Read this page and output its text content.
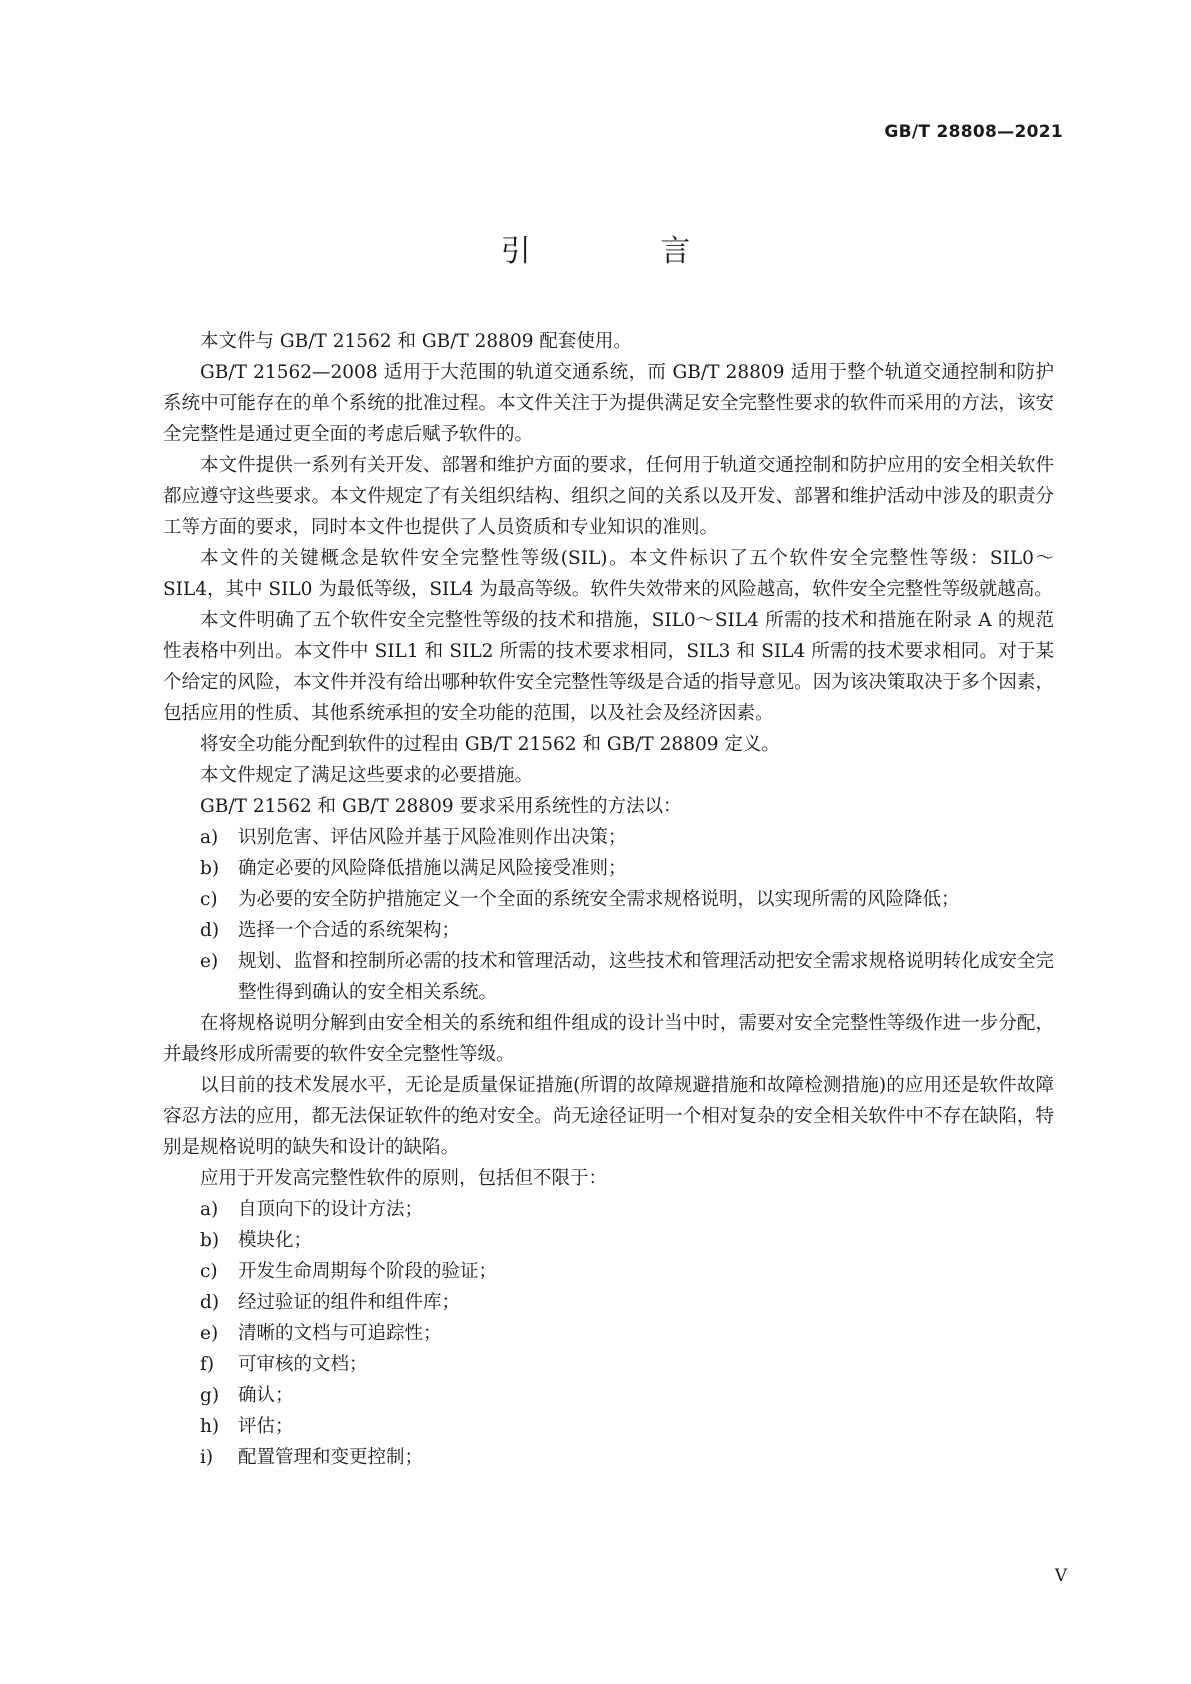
GB/T 28808—2021
引 言

本文件与 GB/T 21562 和 GB/T 28809 配套使用。

GB/T 21562—2008 适用于大范围的轨道交通系统，而 GB/T 28809 适用于整个轨道交通控制和防护系统中可能存在的单个系统的批准过程。本文件关注于为提供满足安全完整性要求的软件而采用的方法，该安全完整性是通过更全面的考虑后赋予软件的。

本文件提供一系列有关开发、部署和维护方面的要求，任何用于轨道交通控制和防护应用的安全相关软件都应遵守这些要求。本文件规定了有关组织结构、组织之间的关系以及开发、部署和维护活动中涉及的职责分工等方面的要求，同时本文件也提供了人员资质和专业知识的准则。

本文件的关键概念是软件安全完整性等级(SIL)。本文件标识了五个软件安全完整性等级：SIL0～SIL4，其中 SIL0 为最低等级，SIL4 为最高等级。软件失效带来的风险越高，软件安全完整性等级就越高。

本文件明确了五个软件安全完整性等级的技术和措施，SIL0～SIL4 所需的技术和措施在附录 A 的规范性表格中列出。本文件中 SIL1 和 SIL2 所需的技术要求相同，SIL3 和 SIL4 所需的技术要求相同。对于某个给定的风险，本文件并没有给出哪种软件安全完整性等级是合适的指导意见。因为该决策取决于多个因素，包括应用的性质、其他系统承担的安全功能的范围，以及社会及经济因素。

将安全功能分配到软件的过程由 GB/T 21562 和 GB/T 28809 定义。

本文件规定了满足这些要求的必要措施。

GB/T 21562 和 GB/T 28809 要求采用系统性的方法以：

a)	识别危害、评估风险并基于风险准则作出决策；
b)	确定必要的风险降低措施以满足风险接受准则；
c)	为必要的安全防护措施定义一个全面的系统安全需求规格说明，以实现所需的风险降低；
d)	选择一个合适的系统架构；
e)	规划、监督和控制所必需的技术和管理活动，这些技术和管理活动把安全需求规格说明转化成安全完整性得到确认的安全相关系统。

在将规格说明分解到由安全相关的系统和组件组成的设计当中时，需要对安全完整性等级作进一步分配，并最终形成所需要的软件安全完整性等级。

以目前的技术发展水平，无论是质量保证措施(所谓的故障规避措施和故障检测措施)的应用还是软件故障容忍方法的应用，都无法保证软件的绝对安全。尚无途径证明一个相对复杂的安全相关软件中不存在缺陷，特别是规格说明的缺失和设计的缺陷。

应用于开发高完整性软件的原则，包括但不限于：

a)	自顶向下的设计方法；
b)	模块化；
c)	开发生命周期每个阶段的验证；
d)	经过验证的组件和组件库；
e)	清晰的文档与可追踪性；
f)	可审核的文档；
g)	确认；
h)	评估；
i)	配置管理和变更控制；
V
